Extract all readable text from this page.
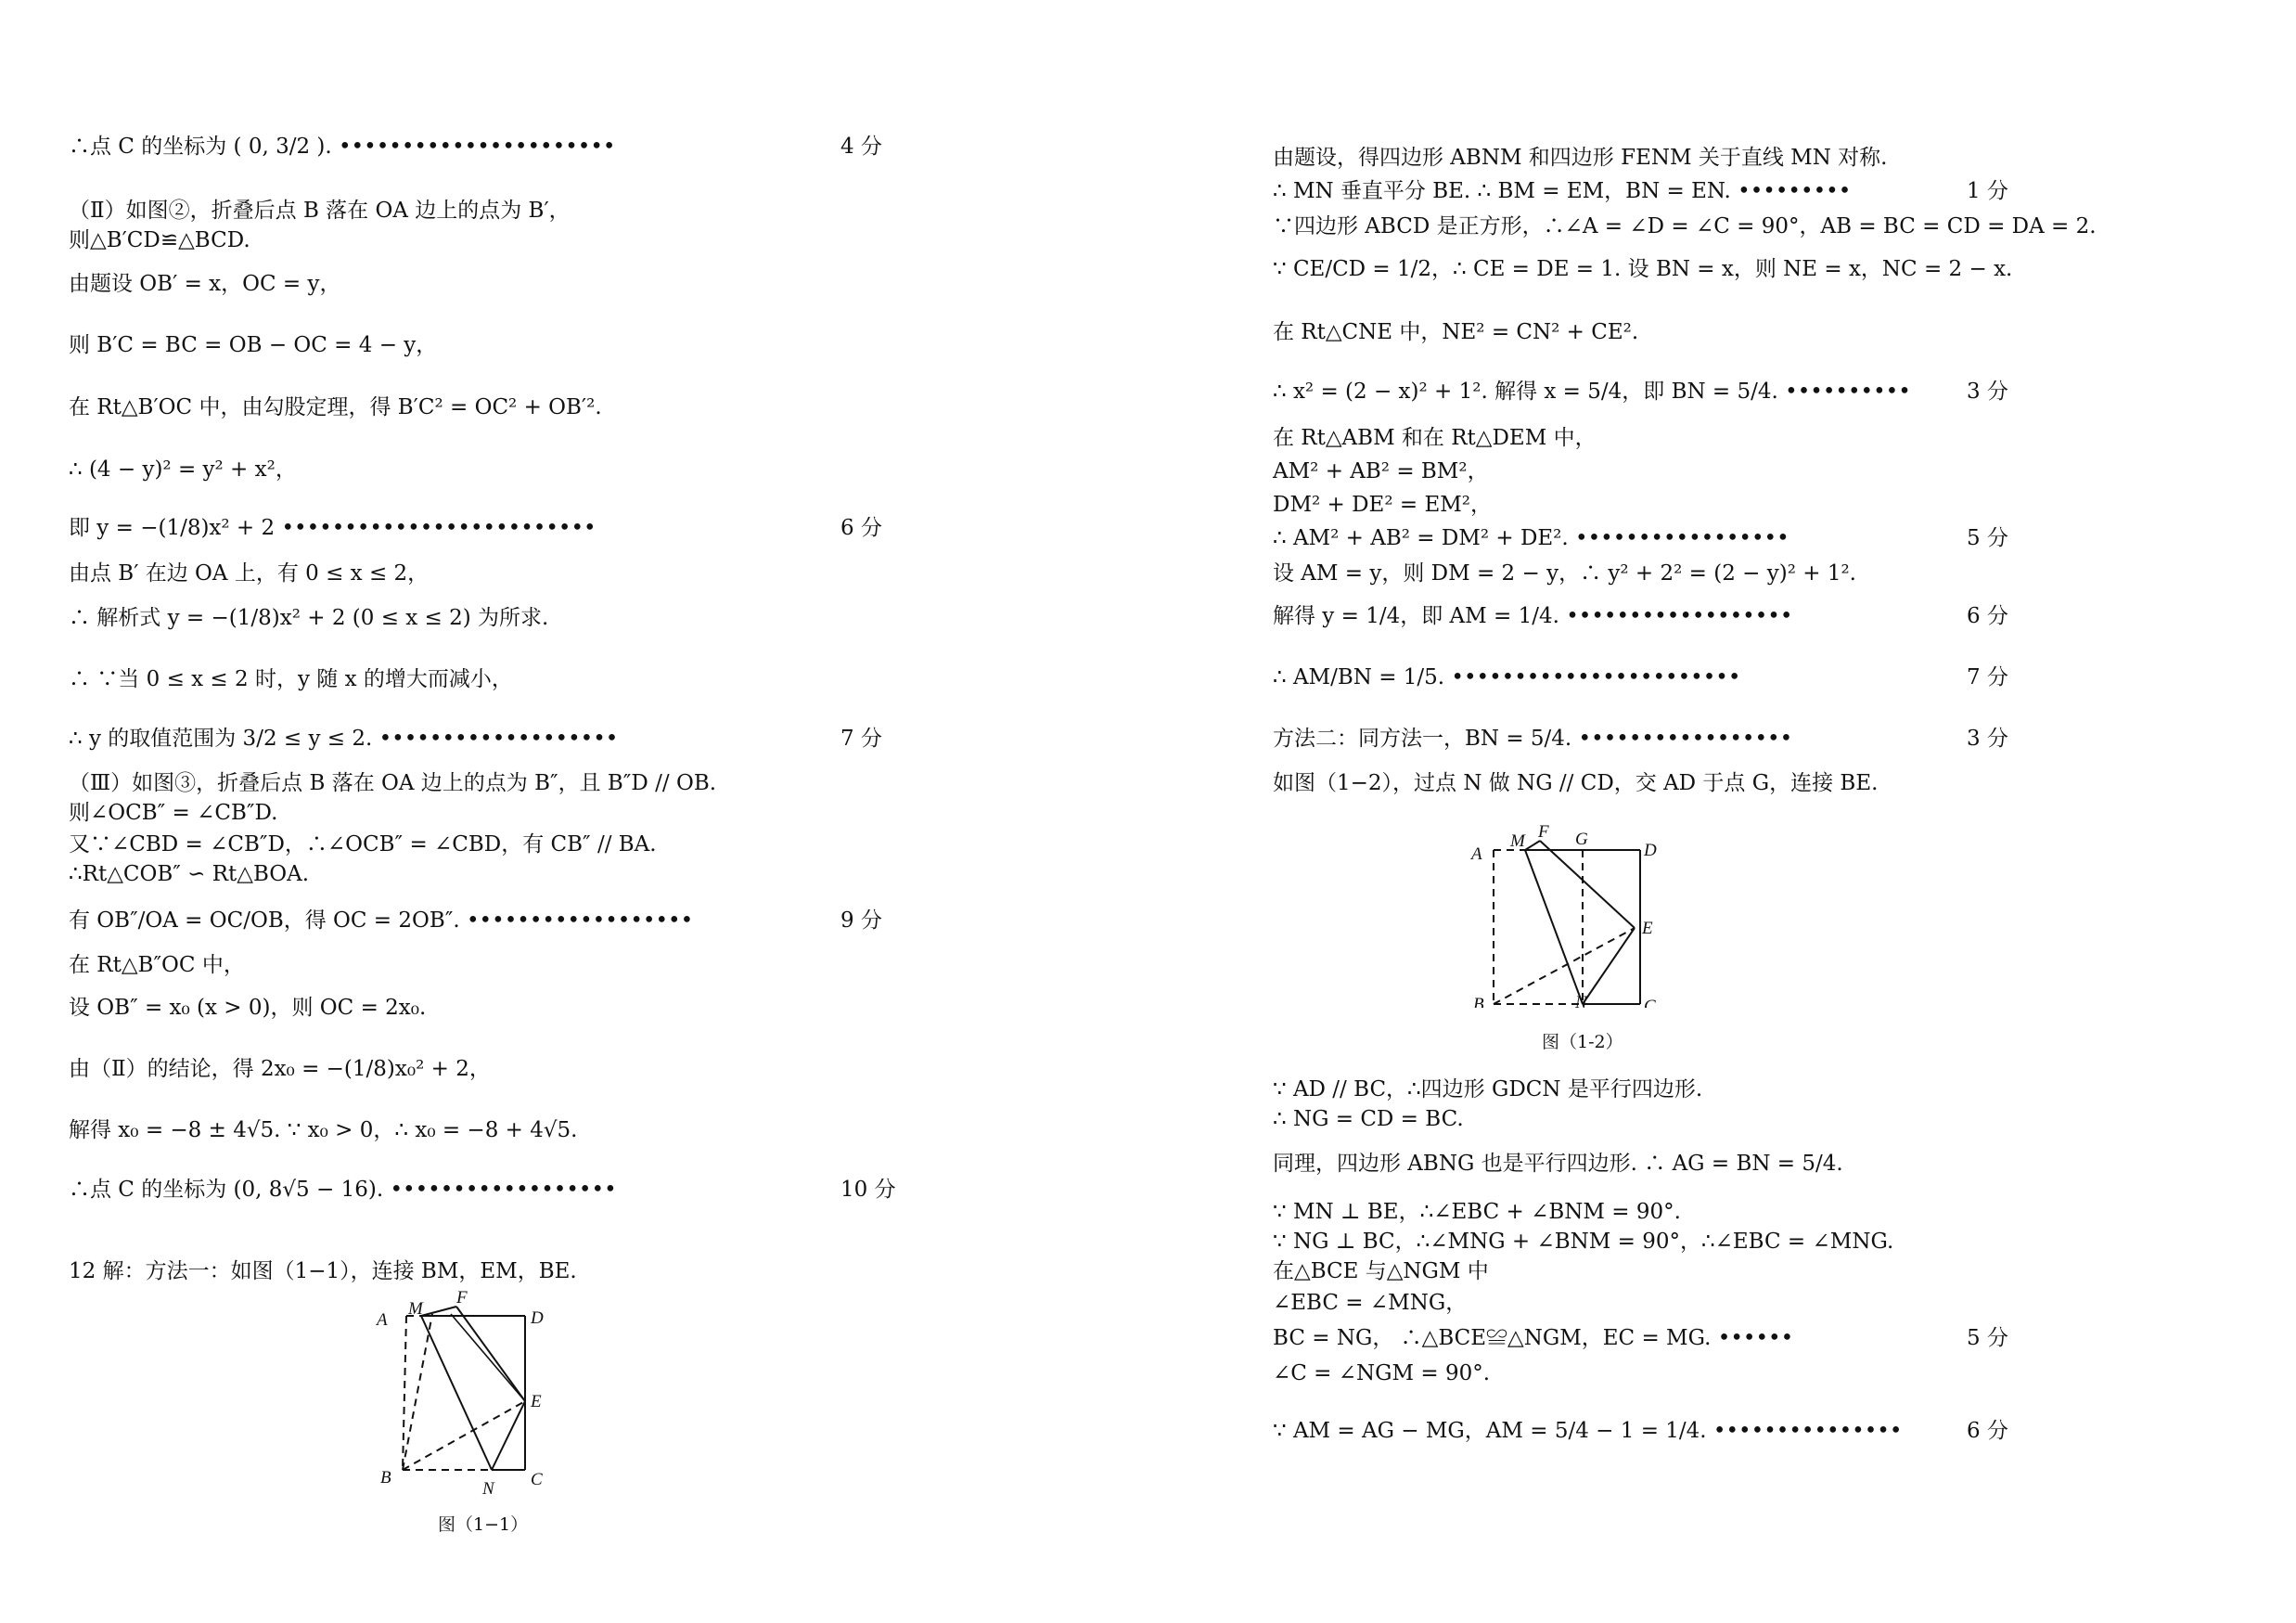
∴点 C 的坐标为 ( 0, 3/2 ). ••••••••••••••••••••••	4 分
（Ⅱ）如图②，折叠后点 B 落在 OA 边上的点为 B′，
则△B′CD≌△BCD.
由题设 OB′ = x，OC = y，
则 B′C = BC = OB − OC = 4 − y，
在 Rt△B′OC 中，由勾股定理，得 B′C² = OC² + OB′².
∴ (4 − y)² = y² + x²，
即 y = −(1/8)x² + 2 •••••••••••••••••••••••••	6 分
由点 B′ 在边 OA 上，有 0 ≤ x ≤ 2，
∴ 解析式 y = −(1/8)x² + 2 (0 ≤ x ≤ 2) 为所求.
∴ ∵当 0 ≤ x ≤ 2 时，y 随 x 的增大而减小，
∴ y 的取值范围为 3/2 ≤ y ≤ 2. •••••••••••••••••••	7 分
（Ⅲ）如图③，折叠后点 B 落在 OA 边上的点为 B″，且 B″D // OB.
则∠OCB″ = ∠CB″D.
又∵∠CBD = ∠CB″D，∴∠OCB″ = ∠CBD，有 CB″ // BA.
∴Rt△COB″ ∽ Rt△BOA.
有 OB″/OA = OC/OB，得 OC = 2OB″. ••••••••••••••••••	9 分
在 Rt△B″OC 中，
设 OB″ = x₀ (x > 0)，则 OC = 2x₀.
由（Ⅱ）的结论，得 2x₀ = −(1/8)x₀² + 2，
解得 x₀ = −8 ± 4√5. ∵ x₀ > 0，∴ x₀ = −8 + 4√5.
∴点 C 的坐标为 (0, 8√5 − 16). ••••••••••••••••••	10 分
12 解：方法一：如图（1−1），连接 BM，EM，BE.
A
M
F
D
E
B
N C
图（1−1）
由题设，得四边形 ABNM 和四边形 FENM 关于直线 MN 对称.
∴ MN 垂直平分 BE. ∴ BM = EM，BN = EN. •••••••••	1 分
∵四边形 ABCD 是正方形，∴∠A = ∠D = ∠C = 90°，AB = BC = CD = DA = 2.
∵ CE/CD = 1/2，∴ CE = DE = 1. 设 BN = x，则 NE = x，NC = 2 − x.
在 Rt△CNE 中，NE² = CN² + CE².
∴ x² = (2 − x)² + 1². 解得 x = 5/4，即 BN = 5/4. ••••••••••	3 分
在 Rt△ABM 和在 Rt△DEM 中，
AM² + AB² = BM²，
DM² + DE² = EM²，
∴ AM² + AB² = DM² + DE². •••••••••••••••••	5 分
设 AM = y，则 DM = 2 − y，∴ y² + 2² = (2 − y)² + 1².
解得 y = 1/4，即 AM = 1/4. ••••••••••••••••••	6 分
∴ AM/BN = 1/5. •••••••••••••••••••••••	7 分
方法二：同方法一，BN = 5/4. •••••••••••••••••	3 分
如图（1−2），过点 N 做 NG // CD，交 AD 于点 G，连接 BE.
A
M F G
D
E
B	N	C
图（1-2）
∵ AD // BC，∴四边形 GDCN 是平行四边形.
∴ NG = CD = BC.
同理，四边形 ABNG 也是平行四边形. ∴ AG = BN = 5/4.
∵ MN ⊥ BE，∴∠EBC + ∠BNM = 90°.
∵ NG ⊥ BC，∴∠MNG + ∠BNM = 90°，∴∠EBC = ∠MNG.
在△BCE 与△NGM 中
∠EBC = ∠MNG，
BC = NG， ∴△BCE≌△NGM，EC = MG. ••••••	5 分
∠C = ∠NGM = 90°.
∵ AM = AG − MG，AM = 5/4 − 1 = 1/4. •••••••••••••••	6 分
